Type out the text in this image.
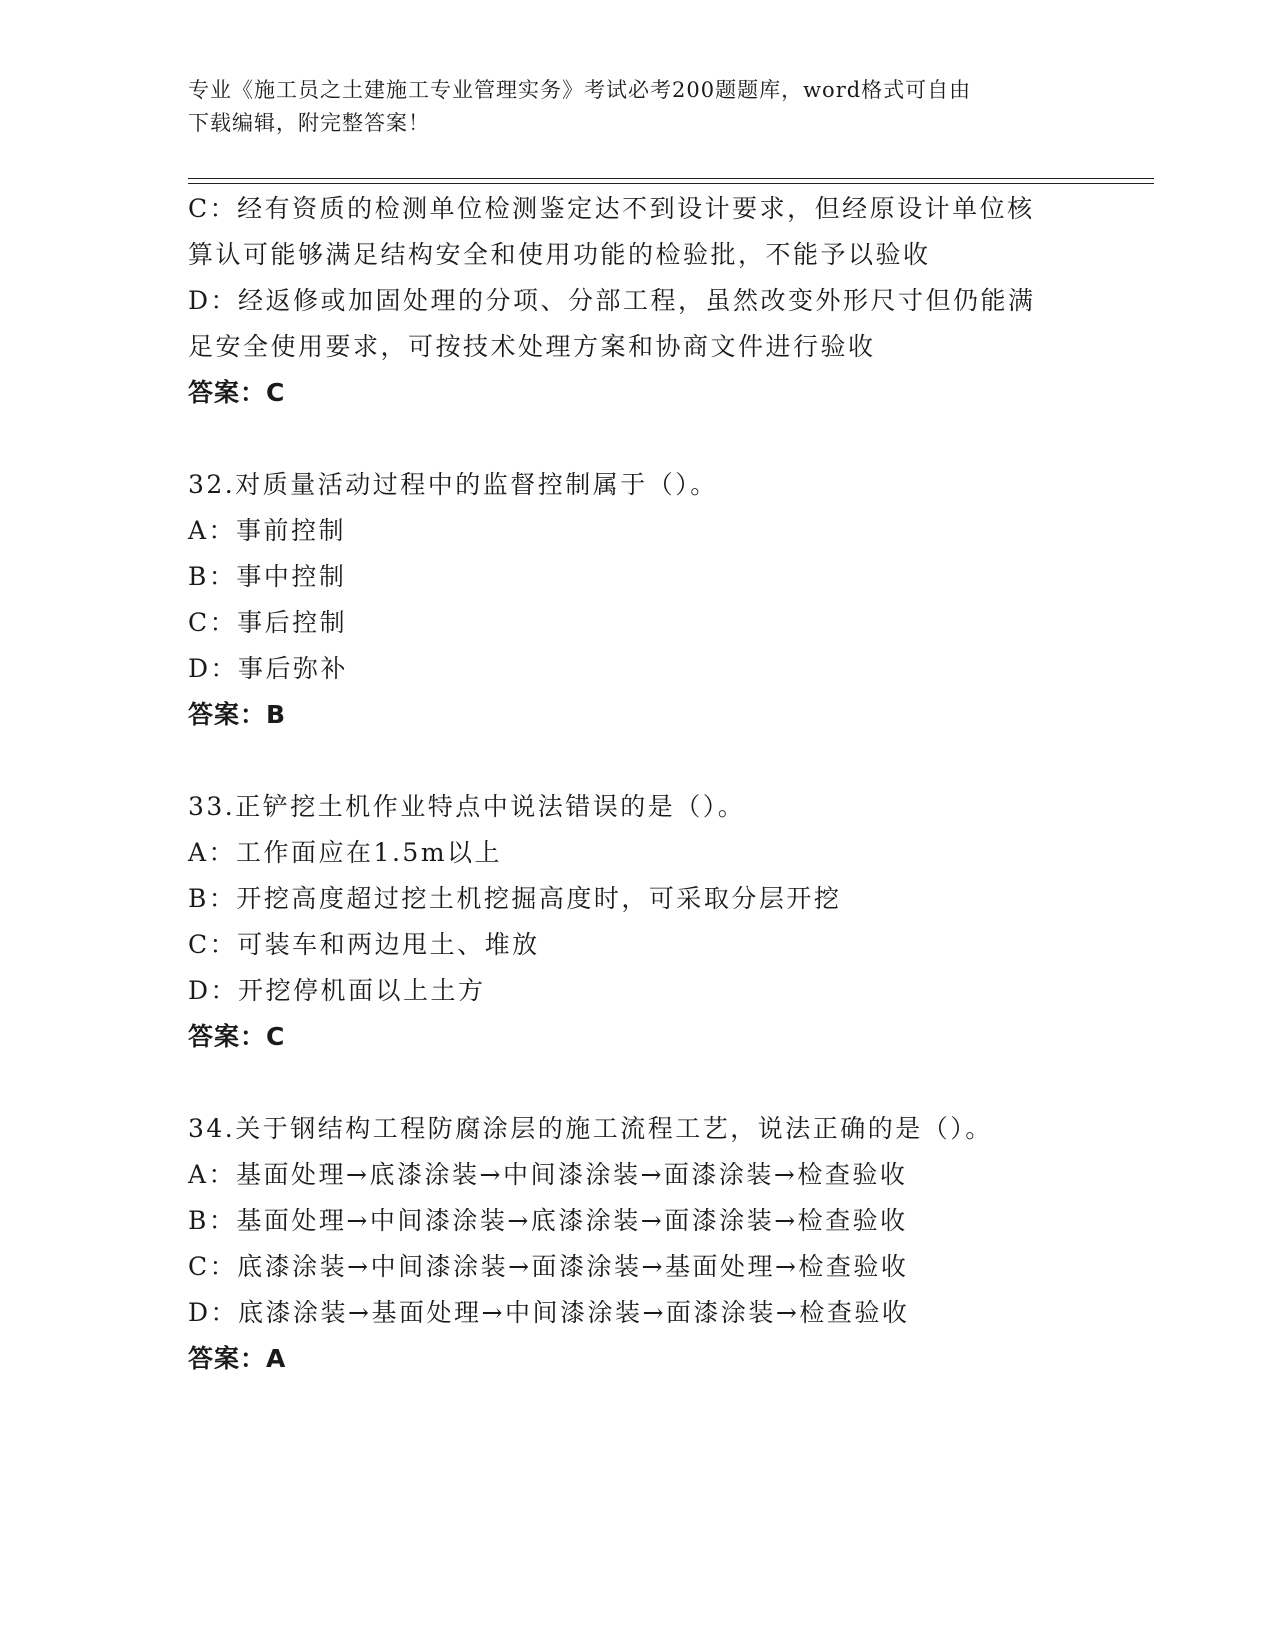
专业《施工员之土建施工专业管理实务》考试必考200题题库，word格式可自由
下载编辑，附完整答案！
C：经有资质的检测单位检测鉴定达不到设计要求，但经原设计单位核
算认可能够满足结构安全和使用功能的检验批，不能予以验收
D：经返修或加固处理的分项、分部工程，虽然改变外形尺寸但仍能满
足安全使用要求，可按技术处理方案和协商文件进行验收
答案：C
32.对质量活动过程中的监督控制属于（）。
A：事前控制
B：事中控制
C：事后控制
D：事后弥补
答案：B
33.正铲挖土机作业特点中说法错误的是（）。
A：工作面应在1.5m以上
B：开挖高度超过挖土机挖掘高度时，可采取分层开挖
C：可装车和两边甩土、堆放
D：开挖停机面以上土方
答案：C
34.关于钢结构工程防腐涂层的施工流程工艺，说法正确的是（）。
A：基面处理→底漆涂装→中间漆涂装→面漆涂装→检查验收
B：基面处理→中间漆涂装→底漆涂装→面漆涂装→检查验收
C：底漆涂装→中间漆涂装→面漆涂装→基面处理→检查验收
D：底漆涂装→基面处理→中间漆涂装→面漆涂装→检查验收
答案：A
